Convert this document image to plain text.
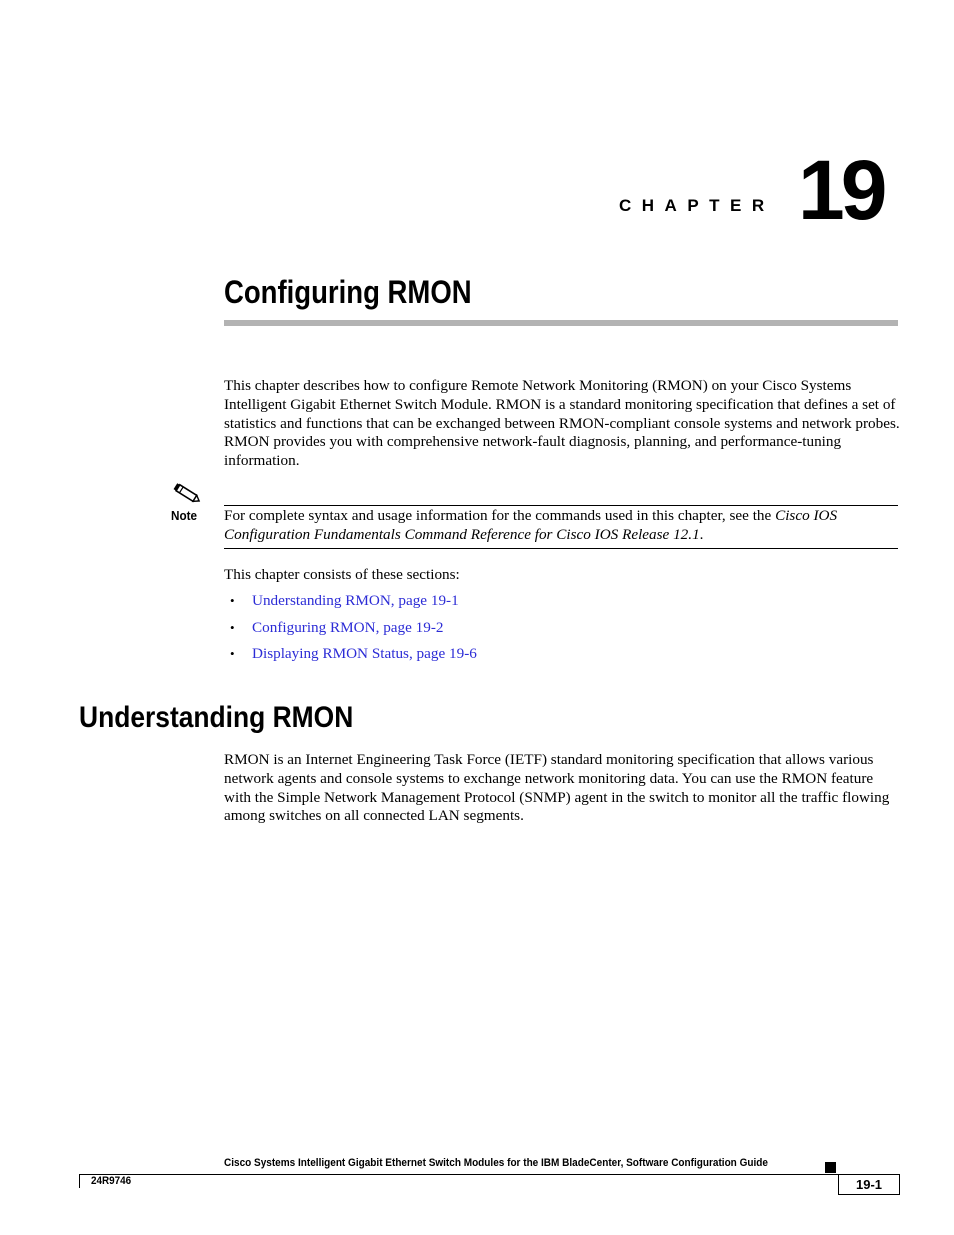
CHAPTER 19
Configuring RMON
This chapter describes how to configure Remote Network Monitoring (RMON) on your Cisco Systems Intelligent Gigabit Ethernet Switch Module. RMON is a standard monitoring specification that defines a set of statistics and functions that can be exchanged between RMON-compliant console systems and network probes. RMON provides you with comprehensive network-fault diagnosis, planning, and performance-tuning information.
Note For complete syntax and usage information for the commands used in this chapter, see the Cisco IOS Configuration Fundamentals Command Reference for Cisco IOS Release 12.1.
This chapter consists of these sections:
• Understanding RMON, page 19-1
• Configuring RMON, page 19-2
• Displaying RMON Status, page 19-6
Understanding RMON
RMON is an Internet Engineering Task Force (IETF) standard monitoring specification that allows various network agents and console systems to exchange network monitoring data. You can use the RMON feature with the Simple Network Management Protocol (SNMP) agent in the switch to monitor all the traffic flowing among switches on all connected LAN segments.
Cisco Systems Intelligent Gigabit Ethernet Switch Modules for the IBM BladeCenter, Software Configuration Guide
24R9746	19-1
